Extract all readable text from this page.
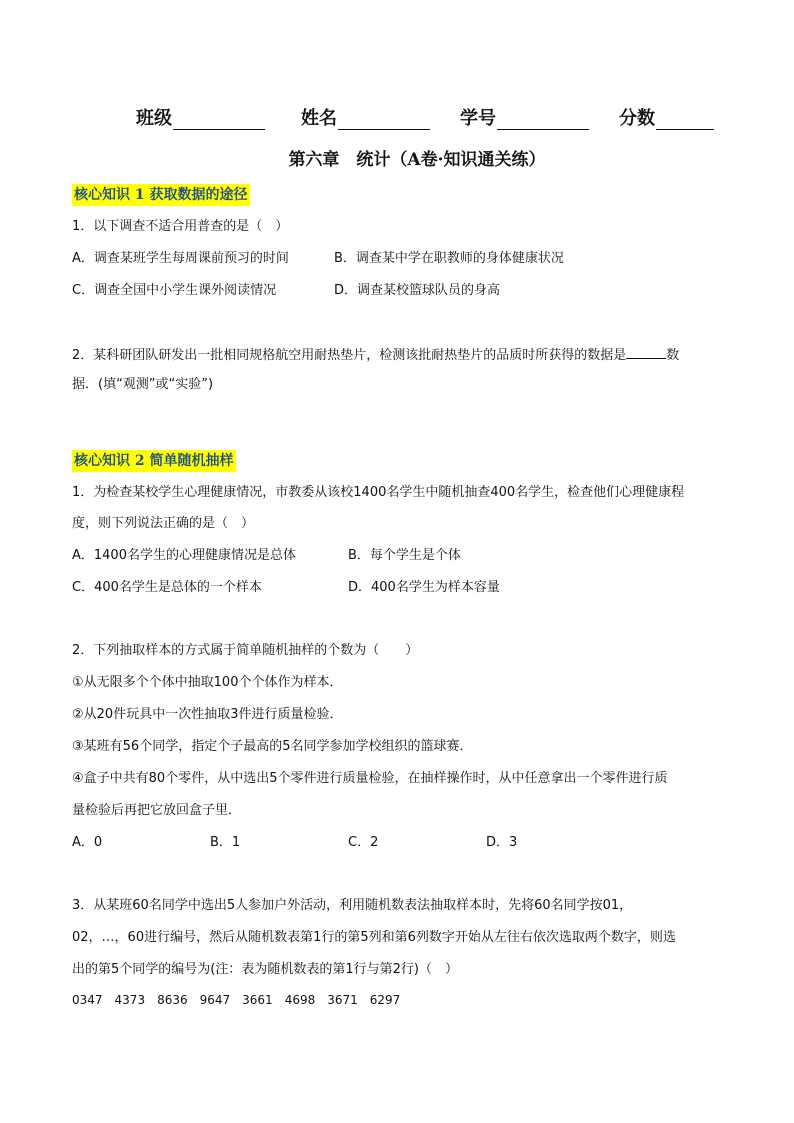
班级	姓名	学号	分数
第六章　统计（A卷·知识通关练）
核心知识 1 获取数据的途径
1．以下调查不适合用普查的是（　）
A．调查某班学生每周课前预习的时间	B．调查某中学在职教师的身体健康状况
C．调查全国中小学生课外阅读情况	D．调查某校篮球队员的身高
2．某科研团队研发出一批相同规格航空用耐热垫片，检测该批耐热垫片的品质时所获得的数据是	数
据．(填“观测”或“实验”)
核心知识 2 简单随机抽样
1．为检查某校学生心理健康情况，市教委从该校1400名学生中随机抽查400名学生，检查他们心理健康程
度，则下列说法正确的是（　）
A．1400名学生的心理健康情况是总体	B．每个学生是个体
C．400名学生是总体的一个样本	D．400名学生为样本容量
2．下列抽取样本的方式属于简单随机抽样的个数为（　　）
①从无限多个个体中抽取100个个体作为样本．
②从20件玩具中一次性抽取3件进行质量检验．
③某班有56个同学，指定个子最高的5名同学参加学校组织的篮球赛．
④盒子中共有80个零件，从中选出5个零件进行质量检验，在抽样操作时，从中任意拿出一个零件进行质
量检验后再把它放回盒子里．
A．0	B．1	C．2	D．3
3．从某班60名同学中选出5人参加户外活动，利用随机数表法抽取样本时，先将60名同学按01，
02，…，60进行编号，然后从随机数表第1行的第5列和第6列数字开始从左往右依次选取两个数字，则选
出的第5个同学的编号为(注：表为随机数表的第1行与第2行)（　）
0347　4373　8636　9647　3661　4698　3671　6297
